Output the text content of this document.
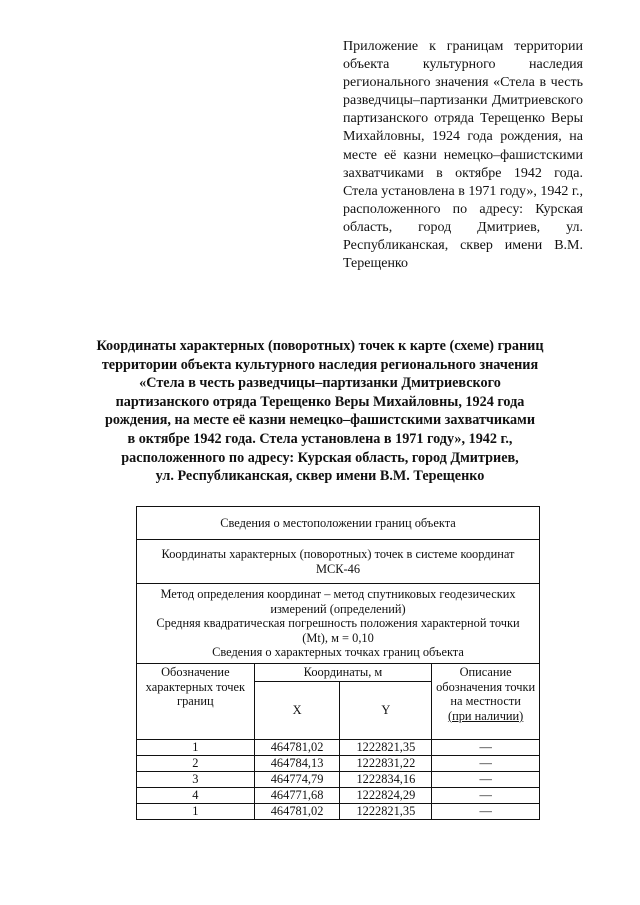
Приложение к границам территории объекта культурного наследия регионального значения «Стела в честь разведчицы–партизанки Дмитриевского партизанского отряда Терещенко Веры Михайловны, 1924 года рождения, на месте её казни немецко–фашистскими захватчиками в октябре 1942 года. Стела установлена в 1971 году», 1942 г., расположенного по адресу: Курская область, город Дмитриев, ул. Республиканская, сквер имени В.М. Терещенко

Координаты характерных (поворотных) точек к карте (схеме) границ
территории объекта культурного наследия регионального значения
«Стела в честь разведчицы–партизанки Дмитриевского
партизанского отряда Терещенко Веры Михайловны, 1924 года
рождения, на месте её казни немецко–фашистскими захватчиками
в октябре 1942 года. Стела установлена в 1971 году», 1942 г.,
расположенного по адресу: Курская область, город Дмитриев,
ул. Республиканская, сквер имени В.М. Терещенко
Сведения о местоположении границ объекта			
Координаты характерных (поворотных) точек в системе координат МСК-46			

Метод определения координат – метод спутниковых геодезических измерений (определений)
Средняя квадратическая погрешность положения характерной точки (Mt), м = 0,10
Сведения о характерных точках границ объекта			

Обозначение характерных точек границ	Координаты, м		Описание обозначения точки на местности
(при наличии)
	X	Y	
1	464781,02	1222821,35	—
2	464784,13	1222831,22	—
3	464774,79	1222834,16	—
4	464771,68	1222824,29	—
1	464781,02	1222821,35	—
